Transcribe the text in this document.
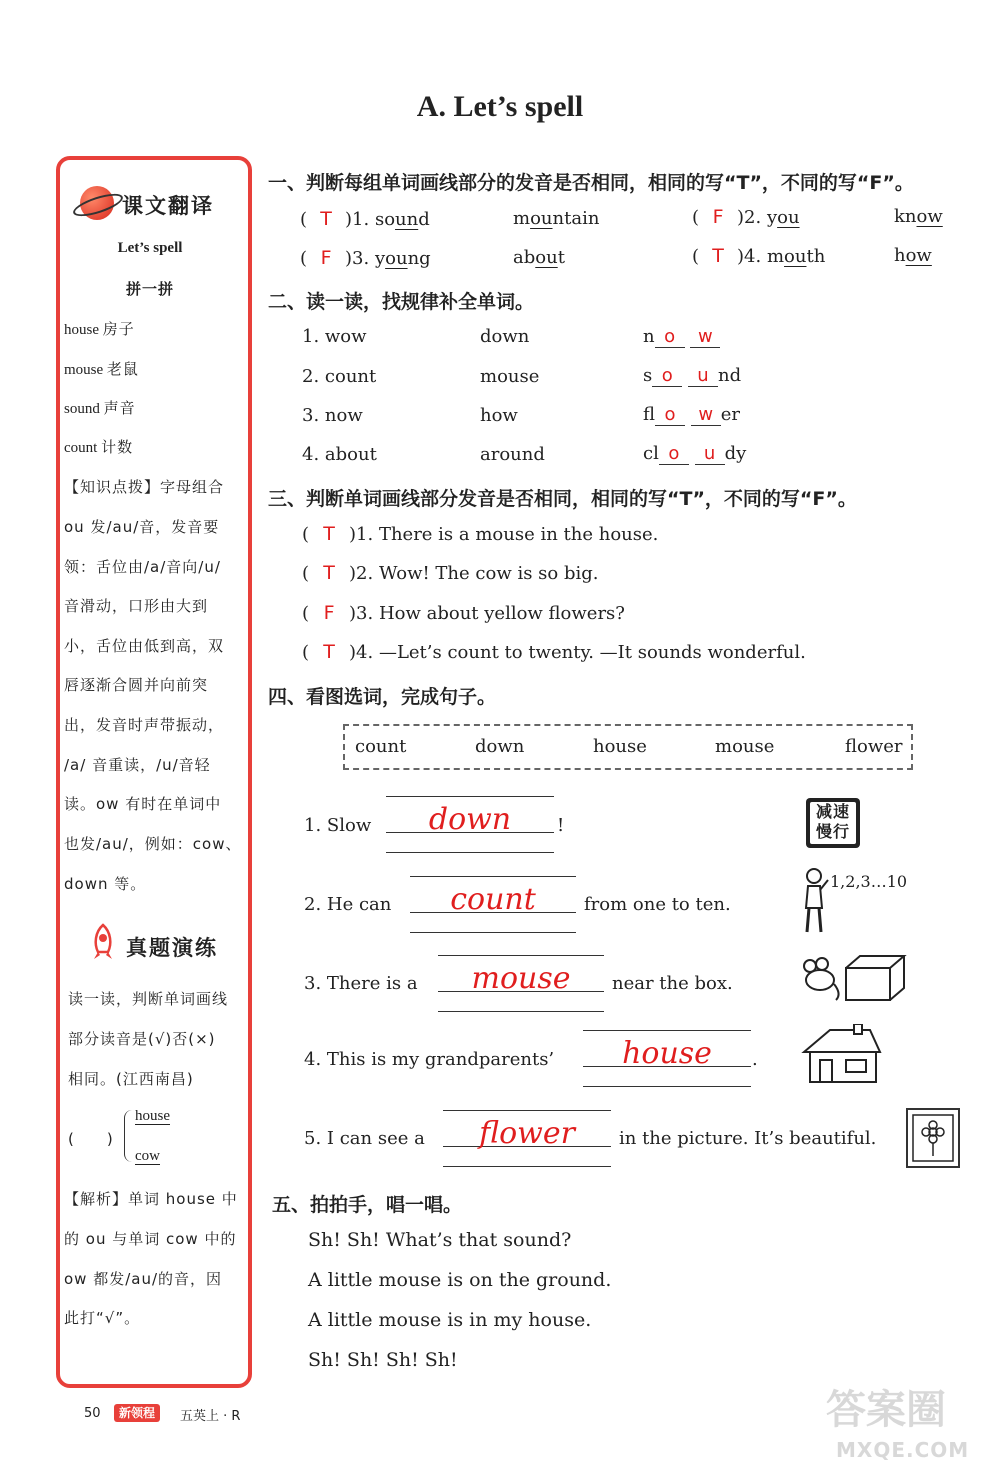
A. Let’s spell
课文翻译
Let’s spell
拼一拼
house 房子
mouse 老鼠
sound 声音
count 计数
【知识点拨】字母组合
ou 发/au/音，发音要
领：舌位由/a/音向/u/
音滑动，口形由大到
小，舌位由低到高，双
唇逐渐合圆并向前突
出，发音时声带振动，
/a/ 音重读，/u/音轻
读。ow 有时在单词中
也发/au/，例如：cow、
down 等。
真题演练
读一读，判断单词画线
部分读音是(√)否(×)
相同。(江西南昌)
(　　)
house
cow
【解析】单词 house 中
的 ou 与单词 cow 中的
ow 都发/au/的音，因
此打“√”。
一、判断每组单词画线部分的发音是否相同，相同的写“T”，不同的写“F”。
( T )1. sound	mountain	( F )2. you	know
( F )3. young	about	( T )4. mouth	how
二、读一读，找规律补全单词。
1. wow	down	n o w
2. count	mouse	s o u nd
3. now	how	fl o w er
4. about	around	cl o u dy
三、判断单词画线部分发音是否相同，相同的写“T”，不同的写“F”。
( T )1. There is a mouse in the house.
( T )2. Wow! The cow is so big.
( F )3. How about yellow flowers?
( T )4. —Let’s count to twenty. —It sounds wonderful.
四、看图选词，完成句子。
count	down	house	mouse	flower
1. Slow	down	!
减速慢行
2. He can	count	from one to ten.
1,2,3…10
3. There is a	mouse	near the box.
4. This is my grandparents’	house	.
5. I can see a	flower	in the picture. It’s beautiful.
五、拍拍手，唱一唱。
Sh! Sh! What’s that sound?
A little mouse is on the ground.
A little mouse is in my house.
Sh! Sh! Sh! Sh!
50	新领程	五英上 · R	答案圈
MXQE.COM
